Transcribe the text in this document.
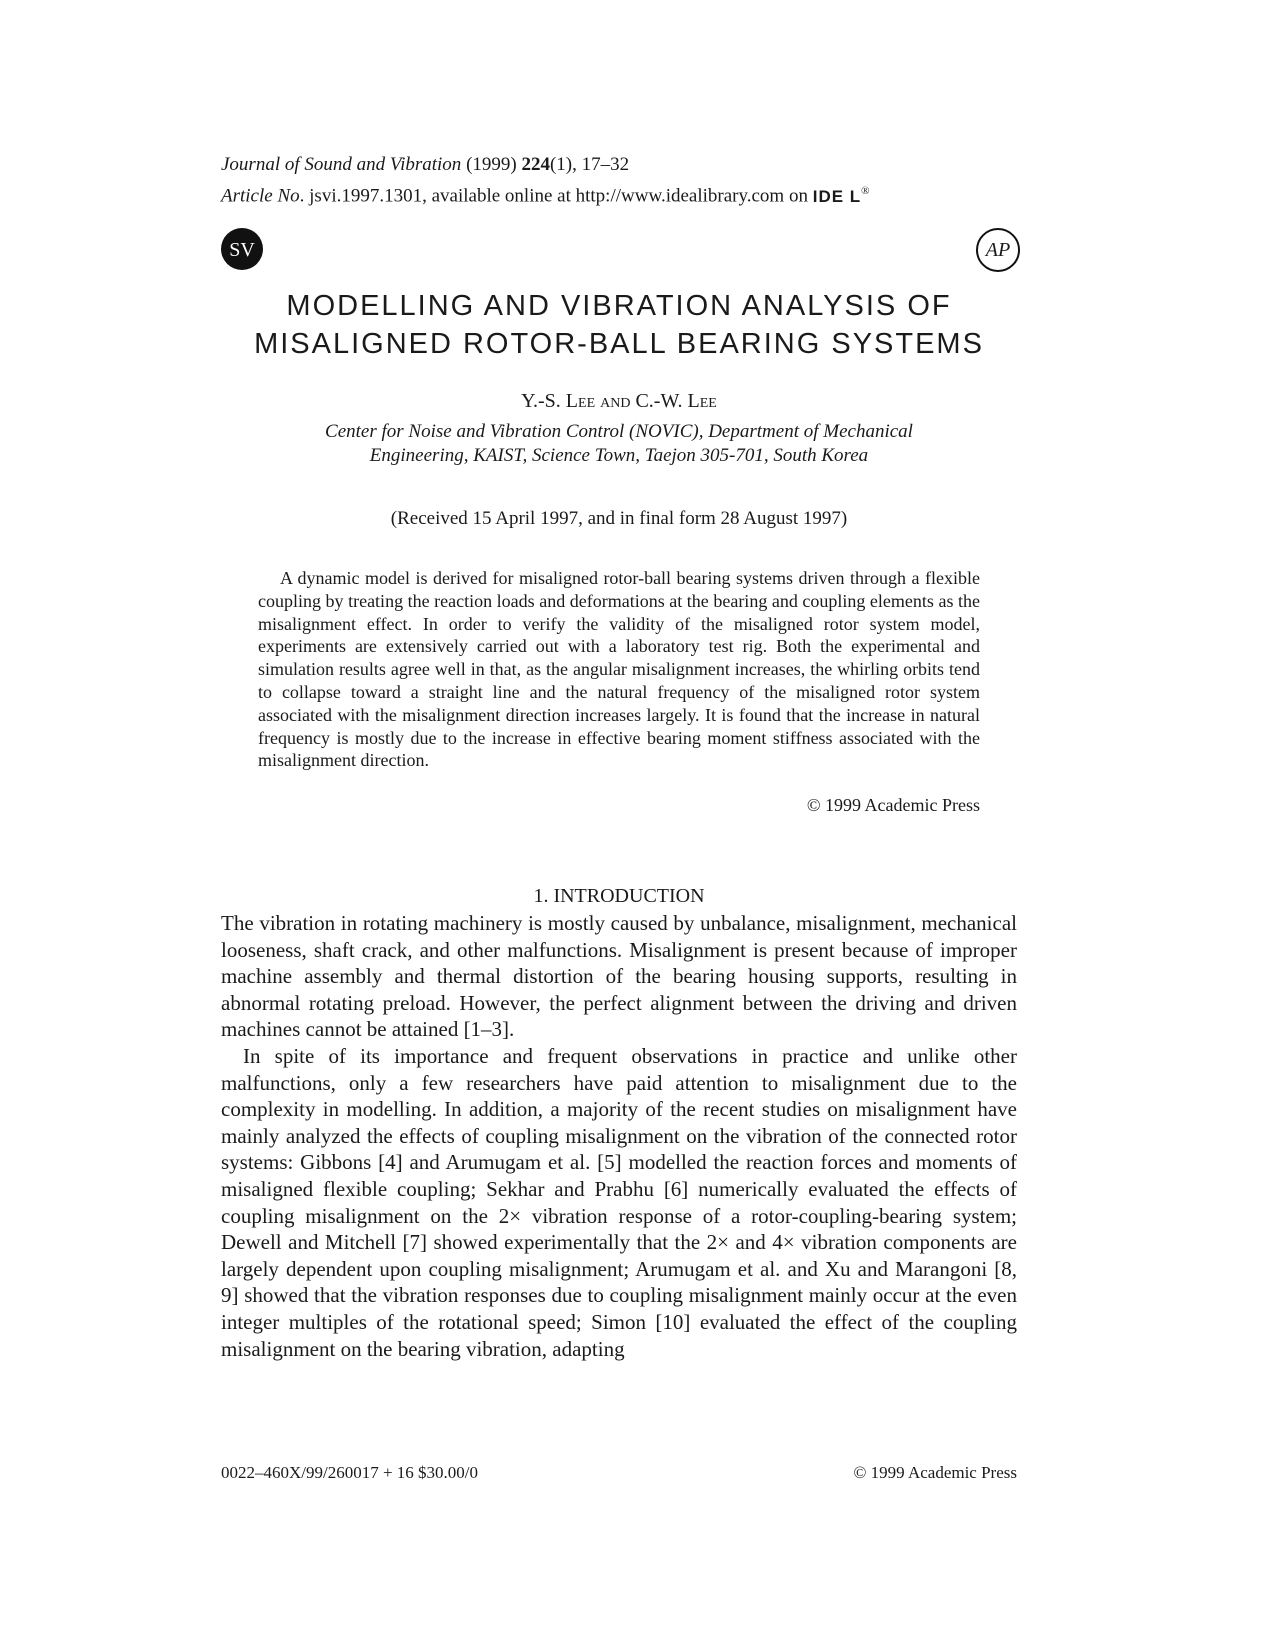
Journal of Sound and Vibration (1999) 224(1), 17–32
Article No. jsvi.1997.1301, available online at http://www.idealibrary.com on IDE L®
SV	AP
MODELLING AND VIBRATION ANALYSIS OF
MISALIGNED ROTOR-BALL BEARING SYSTEMS
Y.-S. Lee and C.-W. Lee
Center for Noise and Vibration Control (NOVIC), Department of Mechanical
Engineering, KAIST, Science Town, Taejon 305-701, South Korea
(Received 15 April 1997, and in final form 28 August 1997)

A dynamic model is derived for misaligned rotor-ball bearing systems driven through a flexible coupling by treating the reaction loads and deformations at the bearing and coupling elements as the misalignment effect. In order to verify the validity of the misaligned rotor system model, experiments are extensively carried out with a laboratory test rig. Both the experimental and simulation results agree well in that, as the angular misalignment increases, the whirling orbits tend to collapse toward a straight line and the natural frequency of the misaligned rotor system associated with the misalignment direction increases largely. It is found that the increase in natural frequency is mostly due to the increase in effective bearing moment stiffness associated with the misalignment direction.

© 1999 Academic Press
1. INTRODUCTION

The vibration in rotating machinery is mostly caused by unbalance, misalignment, mechanical looseness, shaft crack, and other malfunctions. Misalignment is present because of improper machine assembly and thermal distortion of the bearing housing supports, resulting in abnormal rotating preload. However, the perfect alignment between the driving and driven machines cannot be attained [1–3].

In spite of its importance and frequent observations in practice and unlike other malfunctions, only a few researchers have paid attention to misalignment due to the complexity in modelling. In addition, a majority of the recent studies on misalignment have mainly analyzed the effects of coupling misalignment on the vibration of the connected rotor systems: Gibbons [4] and Arumugam et al. [5] modelled the reaction forces and moments of misaligned flexible coupling; Sekhar and Prabhu [6] numerically evaluated the effects of coupling misalignment on the 2× vibration response of a rotor-coupling-bearing system; Dewell and Mitchell [7] showed experimentally that the 2× and 4× vibration components are largely dependent upon coupling misalignment; Arumugam et al. and Xu and Marangoni [8, 9] showed that the vibration responses due to coupling misalignment mainly occur at the even integer multiples of the rotational speed; Simon [10] evaluated the effect of the coupling misalignment on the bearing vibration, adapting

0022–460X/99/260017 + 16 $30.00/0	© 1999 Academic Press
